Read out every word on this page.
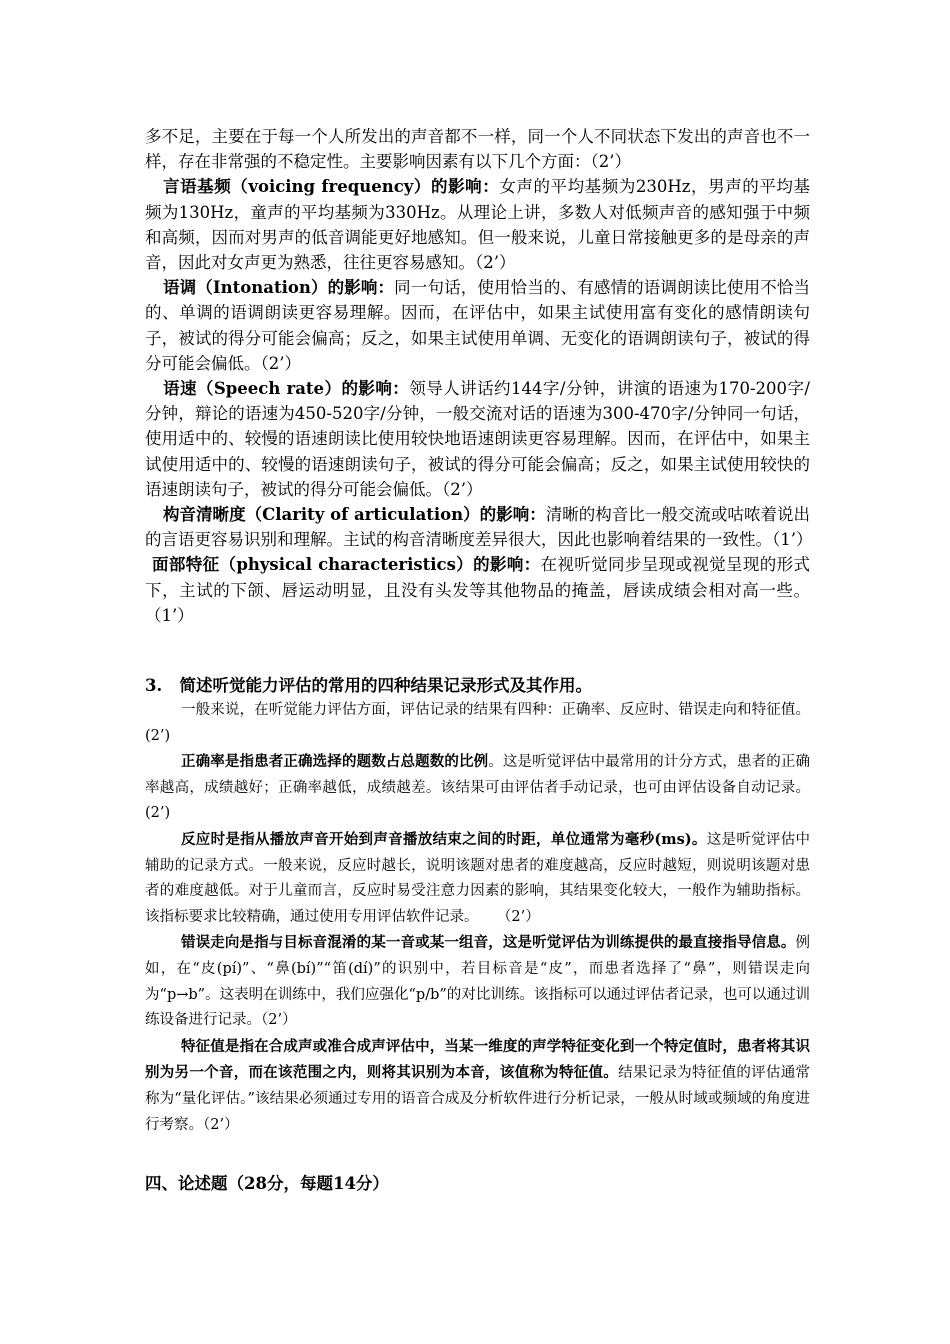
多不足，主要在于每一个人所发出的声音都不一样，同一个人不同状态下发出的声音也不一样，存在非常强的不稳定性。主要影响因素有以下几个方面：（2’）

言语基频（voicing frequency）的影响：女声的平均基频为230Hz，男声的平均基频为130Hz，童声的平均基频为330Hz。从理论上讲，多数人对低频声音的感知强于中频和高频，因而对男声的低音调能更好地感知。但一般来说，儿童日常接触更多的是母亲的声音，因此对女声更为熟悉，往往更容易感知。（2’）

语调（Intonation）的影响：同一句话，使用恰当的、有感情的语调朗读比使用不恰当的、单调的语调朗读更容易理解。因而，在评估中，如果主试使用富有变化的感情朗读句子，被试的得分可能会偏高；反之，如果主试使用单调、无变化的语调朗读句子，被试的得分可能会偏低。（2’）

语速（Speech rate）的影响：领导人讲话约144字/分钟，讲演的语速为170-200字/分钟，辩论的语速为450-520字/分钟，一般交流对话的语速为300-470字/分钟同一句话，使用适中的、较慢的语速朗读比使用较快地语速朗读更容易理解。因而，在评估中，如果主试使用适中的、较慢的语速朗读句子，被试的得分可能会偏高；反之，如果主试使用较快的语速朗读句子，被试的得分可能会偏低。（2’）

构音清晰度（Clarity of articulation）的影响：清晰的构音比一般交流或咕哝着说出的言语更容易识别和理解。主试的构音清晰度差异很大，因此也影响着结果的一致性。（1’）

面部特征（physical characteristics）的影响：在视听觉同步呈现或视觉呈现的形式下，主试的下颌、唇运动明显，且没有头发等其他物品的掩盖，唇读成绩会相对高一些。（1’）

3.   简述听觉能力评估的常用的四种结果记录形式及其作用。

一般来说，在听觉能力评估方面，评估记录的结果有四种：正确率、反应时、错误走向和特征值。(2’)

正确率是指患者正确选择的题数占总题数的比例。这是听觉评估中最常用的计分方式，患者的正确率越高，成绩越好；正确率越低，成绩越差。该结果可由评估者手动记录，也可由评估设备自动记录。(2’)

反应时是指从播放声音开始到声音播放结束之间的时距，单位通常为毫秒(ms)。这是听觉评估中辅助的记录方式。一般来说，反应时越长，说明该题对患者的难度越高，反应时越短，则说明该题对患者的难度越低。对于儿童而言，反应时易受注意力因素的影响，其结果变化较大，一般作为辅助指标。该指标要求比较精确，通过使用专用评估软件记录。    （2’）

错误走向是指与目标音混淆的某一音或某一组音，这是听觉评估为训练提供的最直接指导信息。例如，在“皮(pí)”、“鼻(bí)”“笛(dí)”的识别中，若目标音是“皮”，而患者选择了“鼻”，则错误走向为“p→b”。这表明在训练中，我们应强化“p/b”的对比训练。该指标可以通过评估者记录，也可以通过训练设备进行记录。（2’）

特征值是指在合成声或准合成声评估中，当某一维度的声学特征变化到一个特定值时，患者将其识别为另一个音，而在该范围之内，则将其识别为本音，该值称为特征值。结果记录为特征值的评估通常称为“量化评估。”该结果必须通过专用的语音合成及分析软件进行分析记录，一般从时域或频域的角度进行考察。（2’）

四、论述题（28分，每题14分）
